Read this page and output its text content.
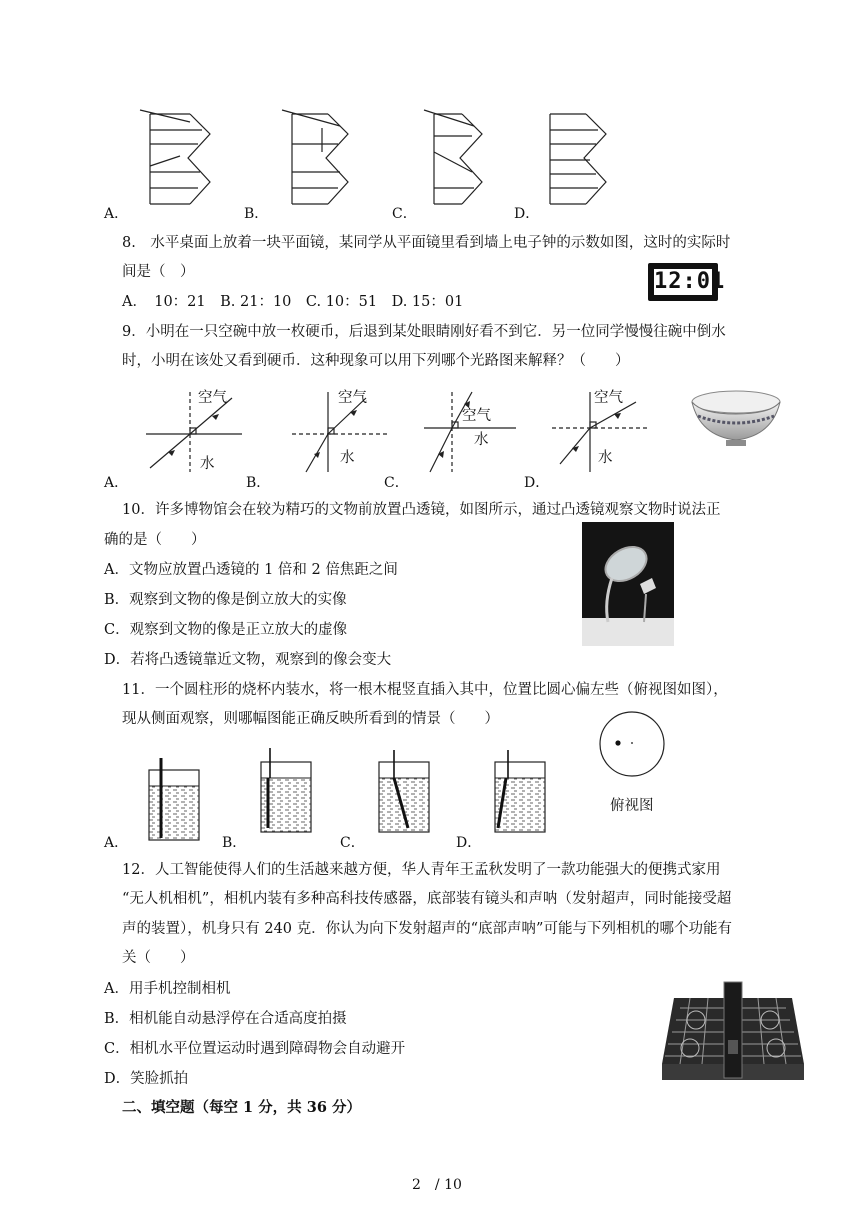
A．	B．	C．	D．
8.　水平桌面上放着一块平面镜，某同学从平面镜里看到墙上电子钟的示数如图，这时的实际时
间是（　）
A．　10：21　B. 21：10　C. 10：51　D. 15：01
12:01
9．小明在一只空碗中放一枚硬币，后退到某处眼睛刚好看不到它．另一位同学慢慢往碗中倒水
时，小明在该处又看到硬币．这种现象可以用下列哪个光路图来解释？（　　）
空气
水
空气
水
空气
水
空气
水
A．	B．	C．	D．
10．许多博物馆会在较为精巧的文物前放置凸透镜，如图所示，通过凸透镜观察文物时说法正
确的是（　　）
A．文物应放置凸透镜的 1 倍和 2 倍焦距之间
B．观察到文物的像是倒立放大的实像
C．观察到文物的像是正立放大的虚像
D．若将凸透镜靠近文物，观察到的像会变大
11．一个圆柱形的烧杯内装水，将一根木棍竖直插入其中，位置比圆心偏左些（俯视图如图），
现从侧面观察，则哪幅图能正确反映所看到的情景（　　）
俯视图
A．	B．	C．	D．
12．人工智能使得人们的生活越来越方便，华人青年王孟秋发明了一款功能强大的便携式家用
“无人机相机”，相机内装有多种高科技传感器，底部装有镜头和声呐（发射超声，同时能接受超
声的装置），机身只有 240 克．你认为向下发射超声的“底部声呐”可能与下列相机的哪个功能有
关（　　）
A．用手机控制相机
B．相机能自动悬浮停在合适高度拍摄
C．相机水平位置运动时遇到障碍物会自动避开
D．笑脸抓拍
二、填空题（每空 1 分，共 36 分）
2　/ 10
